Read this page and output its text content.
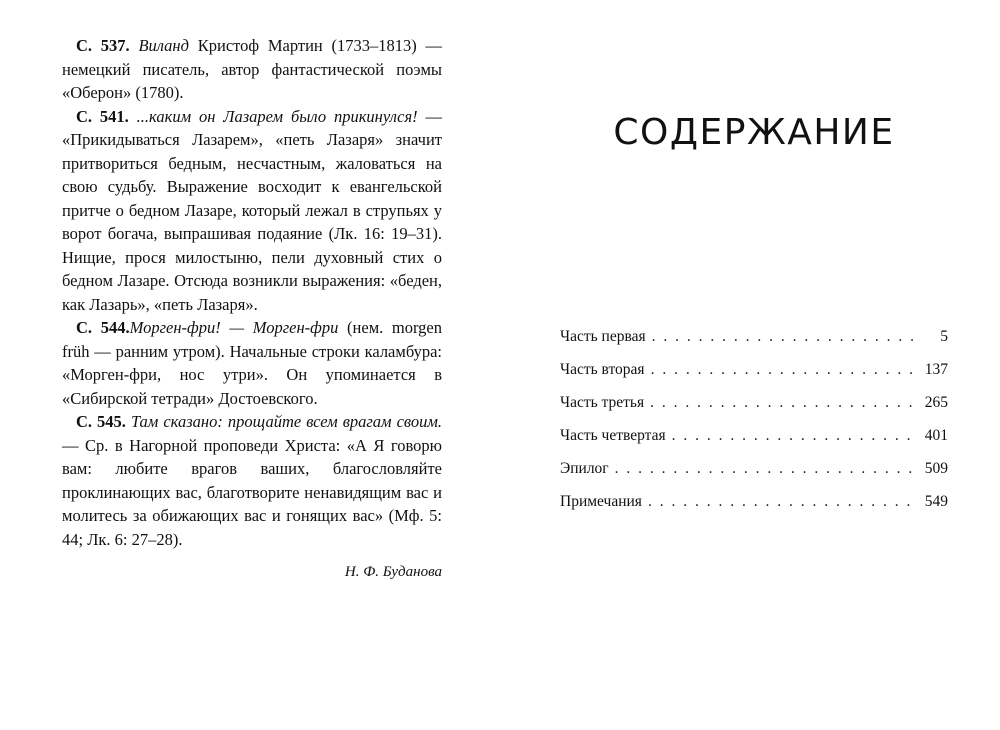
С. 537. Виланд Кристоф Мартин (1733–1813) — немецкий писатель, автор фантастической поэмы «Оберон» (1780).

С. 541. ...каким он Лазарем было прикинулся! — «Прикидываться Лазарем», «петь Лазаря» значит притвориться бедным, несчастным, жаловаться на свою судьбу. Выражение восходит к евангельской притче о бедном Лазаре, который лежал в струпьях у ворот богача, выпрашивая подаяние (Лк. 16: 19–31). Нищие, прося милостыню, пели духовный стих о бедном Лазаре. Отсюда возникли выражения: «беден, как Лазарь», «петь Лазаря».

С. 544.Морген-фри! — Морген-фри (нем. morgen früh — ранним утром). Начальные строки каламбура: «Морген-фри, нос утри». Он упоминается в «Сибирской тетради» Достоевского.

С. 545. Там сказано: прощайте всем врагам своим. — Ср. в Нагорной проповеди Христа: «А Я говорю вам: любите врагов ваших, благословляйте проклинающих вас, благотворите ненавидящим вас и молитесь за обижающих вас и гонящих вас» (Мф. 5: 44; Лк. 6: 27–28).

Н. Ф. Буданова
СОДЕРЖАНИЕ
Часть первая . . .	5
Часть вторая . . .	137
Часть третья . . .	265
Часть четвертая . . .	401
Эпилог . . .	509
Примечания . . .	549
